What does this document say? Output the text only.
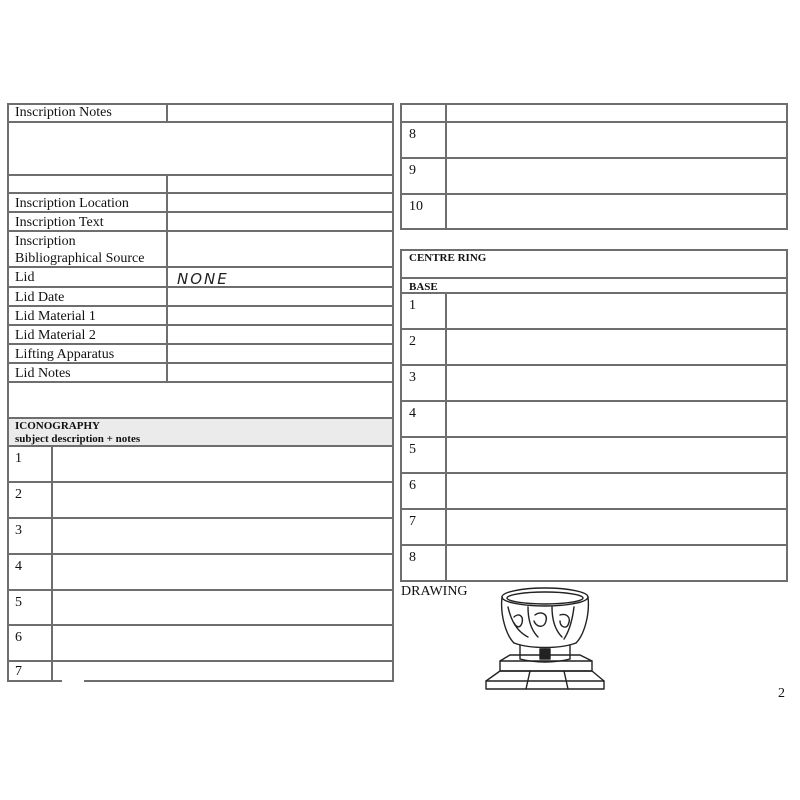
Inscription Notes
Inscription Location
Inscription Text
Inscription
Bibliographical Source
Lid	NONE
Lid Date
Lid Material 1
Lid Material 2
Lifting Apparatus
Lid Notes
ICONOGRAPHY
subject description + notes
1
2
3
4
5
6
7
8
9
10
CENTRE RING
BASE
1
2
3
4
5
6
7
8
DRAWING
2
